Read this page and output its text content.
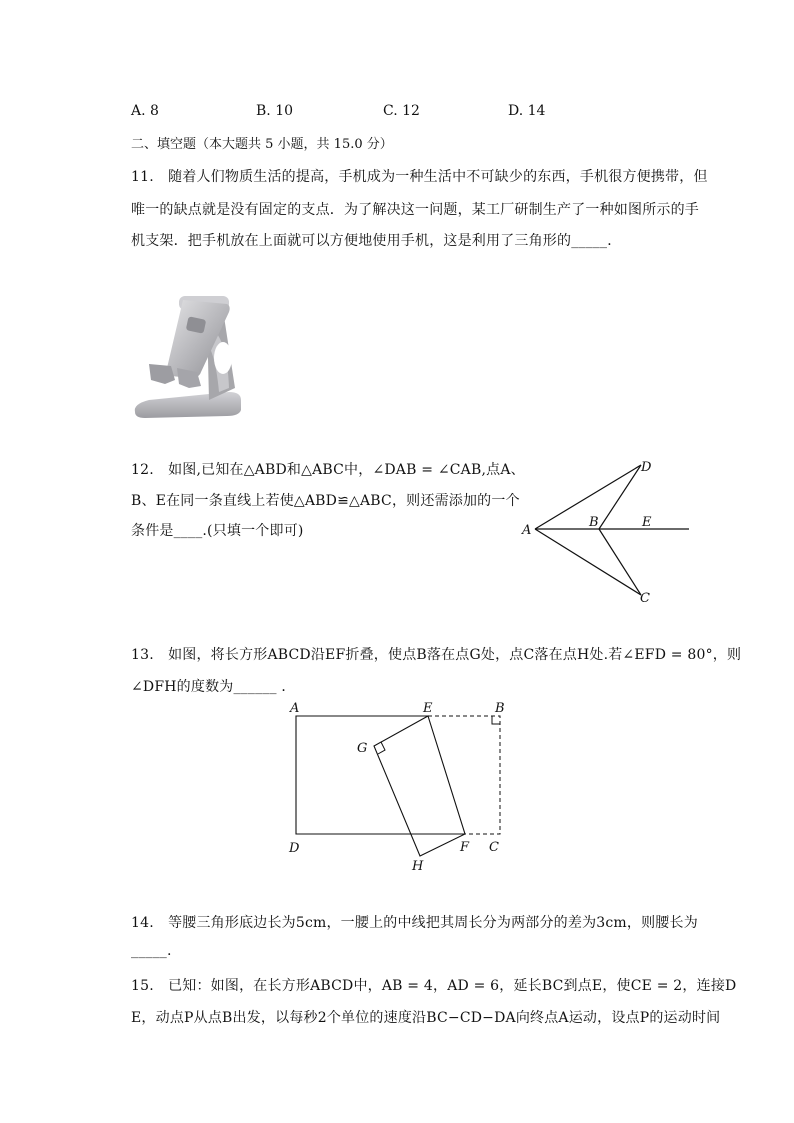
A. 8	B. 10	C. 12	D. 14
二、填空题（本大题共 5 小题，共 15.0 分）
11.　随着人们物质生活的提高，手机成为一种生活中不可缺少的东西，手机很方便携带，但
唯一的缺点就是没有固定的支点．为了解决这一问题，某工厂研制生产了一种如图所示的手
机支架．把手机放在上面就可以方便地使用手机，这是利用了三角形的_____．
12.　如图,已知在△ABD和△ABC中，∠DAB = ∠CAB,点A、
B、E在同一条直线上若使△ABD≌△ABC，则还需添加的一个
条件是____.(只填一个即可)	A
B	E
D
C
13.　如图，将长方形ABCD沿EF折叠，使点B落在点G处，点C落在点H处.若∠EFD = 80°，则
∠DFH的度数为______ ．
A	E	B
G
D	F C
H
14.　等腰三角形底边长为5cm，一腰上的中线把其周长分为两部分的差为3cm，则腰长为
_____.
15.　已知：如图，在长方形ABCD中，AB = 4，AD = 6，延长BC到点E，使CE = 2，连接D
E，动点P从点B出发，以每秒2个单位的速度沿BC−CD−DA向终点A运动，设点P的运动时间
